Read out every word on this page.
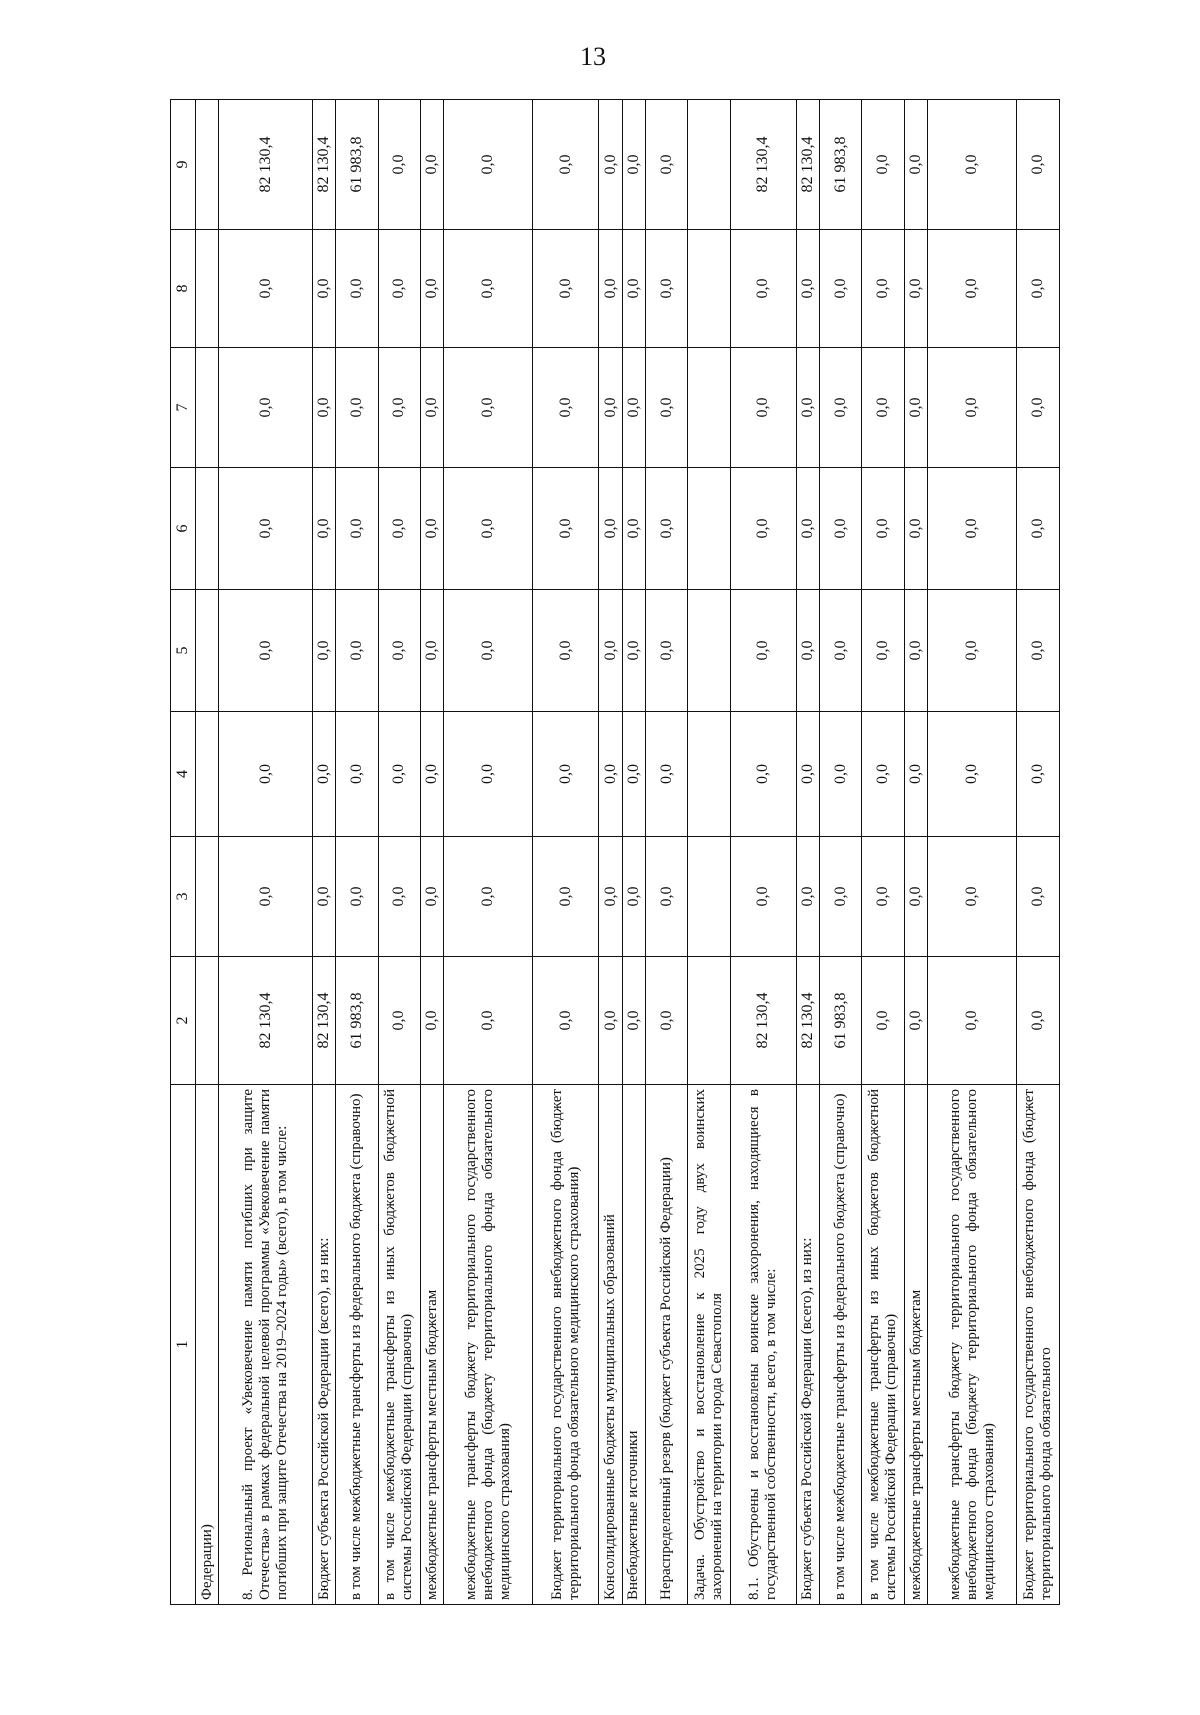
13
1	2	3	4	5	6	7	8	9
Федерации)								
8. Региональный проект «Увековечение памяти погибших при защите Отечества» в рамках федеральной целевой программы «Увековечение памяти погибших при защите Отечества на 2019–2024 годы» (всего), в том числе:	82 130,4	0,0	0,0	0,0	0,0	0,0	0,0	82 130,4
Бюджет субъекта Российской Федерации (всего), из них:	82 130,4	0,0	0,0	0,0	0,0	0,0	0,0	82 130,4
в том числе межбюджетные трансферты из федерального бюджета (справочно)	61 983,8	0,0	0,0	0,0	0,0	0,0	0,0	61 983,8
в том числе межбюджетные трансферты из иных бюджетов бюджетной системы Российской Федерации (справочно)	0,0	0,0	0,0	0,0	0,0	0,0	0,0	0,0
межбюджетные трансферты местным бюджетам	0,0	0,0	0,0	0,0	0,0	0,0	0,0	0,0
межбюджетные трансферты бюджету территориального государственного внебюджетного фонда (бюджету территориального фонда обязательного медицинского страхования)	0,0	0,0	0,0	0,0	0,0	0,0	0,0	0,0
Бюджет территориального государственного внебюджетного фонда (бюджет территориального фонда обязательного медицинского страхования)	0,0	0,0	0,0	0,0	0,0	0,0	0,0	0,0
Консолидированные бюджеты муниципальных образований	0,0	0,0	0,0	0,0	0,0	0,0	0,0	0,0
Внебюджетные источники	0,0	0,0	0,0	0,0	0,0	0,0	0,0	0,0
Нераспределенный резерв (бюджет субъекта Российской Федерации)	0,0	0,0	0,0	0,0	0,0	0,0	0,0	0,0
Задача. Обустройство и восстановление к 2025 году двух воинских захоронений на территории города Севастополя								
8.1. Обустроены и восстановлены воинские захоронения, находящиеся в государственной собственности, всего, в том числе:	82 130,4	0,0	0,0	0,0	0,0	0,0	0,0	82 130,4
Бюджет субъекта Российской Федерации (всего), из них:	82 130,4	0,0	0,0	0,0	0,0	0,0	0,0	82 130,4
в том числе межбюджетные трансферты из федерального бюджета (справочно)	61 983,8	0,0	0,0	0,0	0,0	0,0	0,0	61 983,8
в том числе межбюджетные трансферты из иных бюджетов бюджетной системы Российской Федерации (справочно)	0,0	0,0	0,0	0,0	0,0	0,0	0,0	0,0
межбюджетные трансферты местным бюджетам	0,0	0,0	0,0	0,0	0,0	0,0	0,0	0,0
межбюджетные трансферты бюджету территориального государственного внебюджетного фонда (бюджету территориального фонда обязательного медицинского страхования)	0,0	0,0	0,0	0,0	0,0	0,0	0,0	0,0
Бюджет территориального государственного внебюджетного фонда (бюджет территориального фонда обязательного	0,0	0,0	0,0	0,0	0,0	0,0	0,0	0,0
